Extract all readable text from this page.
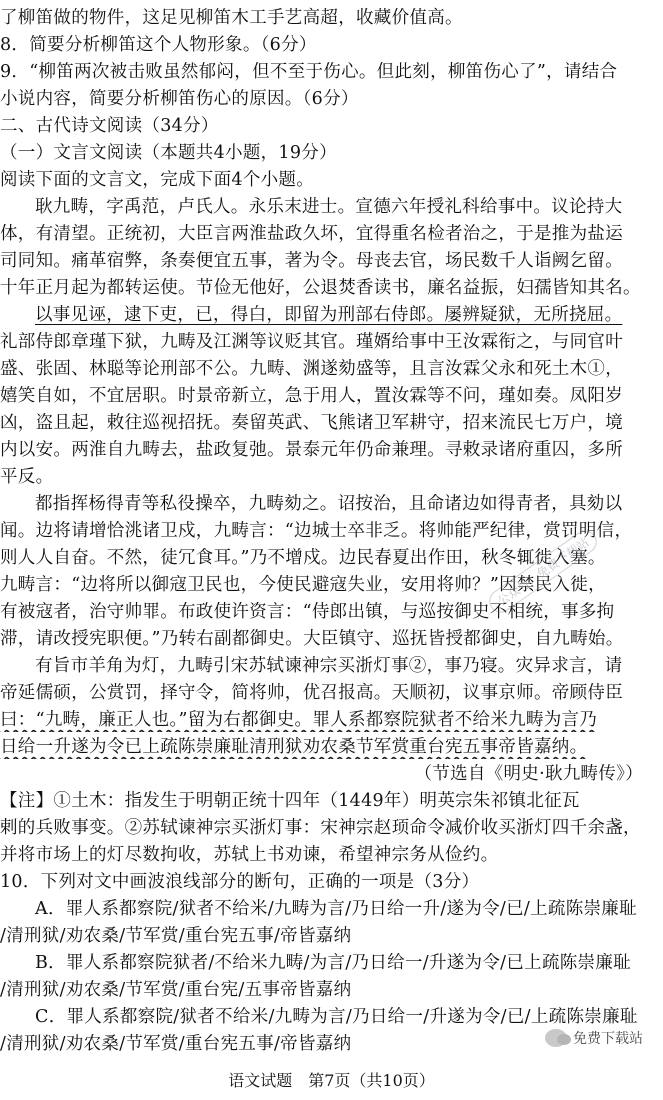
了柳笛做的物件，这足见柳笛木工手艺高超，收藏价值高。
8．简要分析柳笛这个人物形象。（6分）
9．“柳笛两次被击败虽然郁闷，但不至于伤心。但此刻，柳笛伤心了”，请结合
小说内容，简要分析柳笛伤心的原因。（6分）
二、古代诗文阅读（34分）
（一）文言文阅读（本题共4小题，19分）
阅读下面的文言文，完成下面4个小题。
耿九畴，字禹范，卢氏人。永乐末进士。宣德六年授礼科给事中。议论持大
体，有清望。正统初，大臣言两淮盐政久坏，宜得重名检者治之，于是推为盐运
司同知。痛革宿弊，条奏便宜五事，著为令。母丧去官，场民数千人诣阙乞留。
十年正月起为都转运使。节俭无他好，公退焚香读书，廉名益振，妇孺皆知其名。
以事见诬，逮下吏，已，得白，即留为刑部右侍郎。屡辨疑狱，无所挠屈。
礼部侍郎章瑾下狱，九畴及江渊等议贬其官。瑾婿给事中王汝霖衔之，与同官叶
盛、张固、林聪等论刑部不公。九畴、渊遂劾盛等，且言汝霖父永和死土木①，
嬉笑自如，不宜居职。时景帝新立，急于用人，置汝霖等不问，瑾如奏。凤阳岁
凶，盗且起，敕往巡视招抚。奏留英武、飞熊诸卫军耕守，招来流民七万户，境
内以安。两淮自九畴去，盐政复弛。景泰元年仍命兼理。寻敕录诸府重囚，多所
平反。
都指挥杨得青等私役操卒，九畴劾之。诏按治，且命诸边如得青者，具劾以
闻。边将请增恰洮诸卫戍，九畴言：“边城士卒非乏。将帅能严纪律，赏罚明信，
则人人自奋。不然，徒冗食耳。”乃不增戍。边民春夏出作田，秋冬辄徙入塞。
九畴言：“边将所以御寇卫民也，今使民避寇失业，安用将帅？”因禁民入徙，
有被寇者，治守帅罪。布政使许资言：“侍郎出镇，与巡按御史不相统，事多拘
滞，请改授宪职便。”乃转右副都御史。大臣镇守、巡抚皆授都御史，自九畴始。
有旨市羊角为灯，九畴引宋苏轼谏神宗买浙灯事②，事乃寝。灾异求言，请
帝延儒硕，公赏罚，择守令，简将帅，优召报高。天顺初，议事京师。帝顾侍臣
曰：“九畴，廉正人也。”留为右都御史。罪人系都察院狱者不给米九畴为言乃
日给一升遂为令已上疏陈崇廉耻清刑狱劝农桑节军赏重台宪五事帝皆嘉纳。
（节选自《明史·耿九畴传》）
【注】①土木：指发生于明朝正统十四年（1449年）明英宗朱祁镇北征瓦
剌的兵败事变。②苏轼谏神宗买浙灯事：宋神宗赵顼命令减价收买浙灯四千余盏，
并将市场上的灯尽数拘收，苏轼上书劝谏，希望神宗务从俭约。
10．下列对文中画波浪线部分的断句，正确的一项是（3分）
A．罪人系都察院/狱者不给米/九畴为言/乃日给一升/遂为令/已/上疏陈崇廉耻
/清刑狱/劝农桑/节军赏/重台宪五事/帝皆嘉纳
B．罪人系都察院狱者/不给米九畴/为言/乃日给一/升遂为令/已上疏陈崇廉耻
/清刑狱/劝农桑/节军赏/重台宪/五事帝皆嘉纳
C．罪人系都察院/狱者不给米/九畴为言/乃日给一/升遂为令/已/上疏陈崇廉耻
/清刑狱/劝农桑/节军赏/重台宪五事/帝皆嘉纳
语文试题　第7页（共10页）
免费下载站
公众号：免费下载站
